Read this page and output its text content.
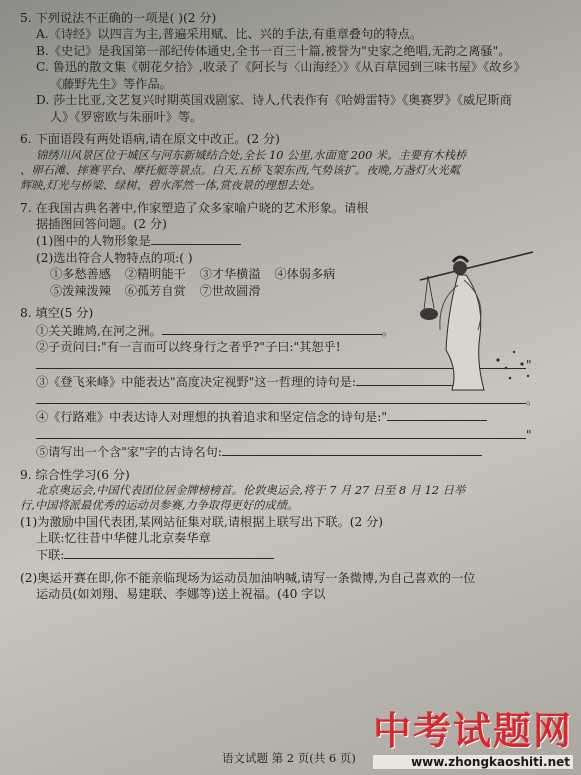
5. 下列说法不正确的一项是( )(2 分)

A.《诗经》以四言为主,普遍采用赋、比、兴的手法,有重章叠句的特点。

B.《史记》是我国第一部纪传体通史,全书一百三十篇,被誉为"史家之绝唱,无韵之离骚"。

C. 鲁迅的散文集《朝花夕拾》,收录了《阿长与〈山海经〉》《从百草园到三味书屋》《故乡》

《藤野先生》等作品。

D. 莎士比亚,文艺复兴时期英国戏剧家、诗人,代表作有《哈姆雷特》《奥赛罗》《威尼斯商

人》《罗密欧与朱丽叶》等。

6. 下面语段有两处语病,请在原文中改正。(2 分)

锦绣川风景区位于城区与河东新城结合处,全长 10 公里,水面宽 200 米。主要有木栈桥

、卵石滩、摔赛平台、摩托艇等景点。白天,五桥飞架东西,气势该扩。夜晚,万盏灯火光粼

辉映,灯光与桥梁、绿树、碧水浑然一体,赏夜景的理想去处。

7. 在我国古典名著中,作家塑造了众多家喻户晓的艺术形象。请根

据插图回答问题。(2 分)

(1)图中的人物形象是

(2)选出符合人物特点的项:( )

①多愁善感 ②精明能干 ③才华横溢 ④体弱多病

⑤泼辣泼辣 ⑥孤芳自赏 ⑦世故圆滑

8. 填空(5 分)

①关关雎鸠,在河之洲。	。

②子贡问曰:"有一言而可以终身行之者乎?"子曰:"其恕乎!

"

③《登飞来峰》中能表达"高度决定视野"这一哲理的诗句是:

。

④《行路难》中表达诗人对理想的执着追求和坚定信念的诗句是:"

"

⑤请写出一个含"家"字的古诗名句:

9. 综合性学习(6 分)

北京奥运会,中国代表团位居金牌榜榜首。伦敦奥运会,将于 7 月 27 日至 8 月 12 日举

行,中国将派最优秀的运动员参赛,力争取得更好的成绩。

(1)为激励中国代表团,某网站征集对联,请根据上联写出下联。(2 分)

上联:忆往昔中华健儿北京奏华章

下联:

(2)奥运开赛在即,你不能亲临现场为运动员加油呐喊,请写一条微博,为自己喜欢的一位

运动员(如刘翔、易建联、李娜等)送上祝福。(40 字以

语文试题 第 2 页(共 6 页)
中考试题网
www.zhongkaoshiti.net
